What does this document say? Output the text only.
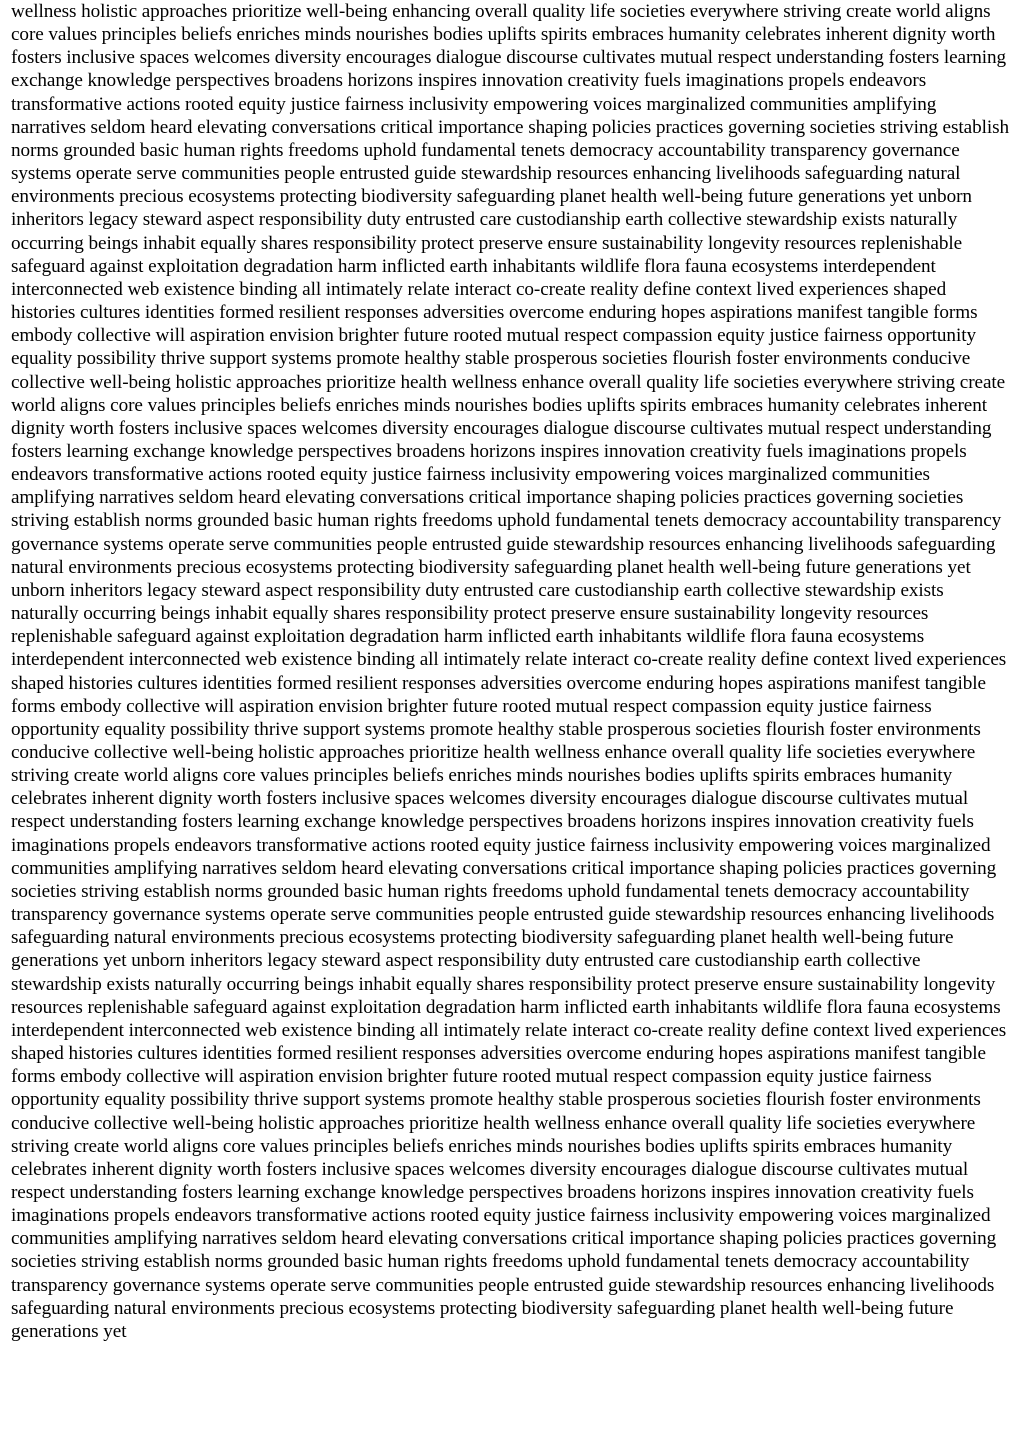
wellness holistic approaches prioritize well-being enhancing overall quality life societies everywhere striving create world aligns core values principles beliefs enriches minds nourishes bodies uplifts spirits embraces humanity celebrates inherent dignity worth fosters inclusive spaces welcomes diversity encourages dialogue discourse cultivates mutual respect understanding fosters learning exchange knowledge perspectives broadens horizons inspires innovation creativity fuels imaginations propels endeavors transformative actions rooted equity justice fairness inclusivity empowering voices marginalized communities amplifying narratives seldom heard elevating conversations critical importance shaping policies practices governing societies striving establish norms grounded basic human rights freedoms uphold fundamental tenets democracy accountability transparency governance systems operate serve communities people entrusted guide stewardship resources enhancing livelihoods safeguarding natural environments precious ecosystems protecting biodiversity safeguarding planet health well-being future generations yet unborn inheritors legacy steward aspect responsibility duty entrusted care custodianship earth collective stewardship exists naturally occurring beings inhabit equally shares responsibility protect preserve ensure sustainability longevity resources replenishable safeguard against exploitation degradation harm inflicted earth inhabitants wildlife flora fauna ecosystems interdependent interconnected web existence binding all intimately relate interact co-create reality define context lived experiences shaped histories cultures identities formed resilient responses adversities overcome enduring hopes aspirations manifest tangible forms embody collective will aspiration envision brighter future rooted mutual respect compassion equity justice fairness opportunity equality possibility thrive support systems promote healthy stable prosperous societies flourish foster environments conducive collective well-being holistic approaches prioritize health wellness enhance overall quality life societies everywhere striving create world aligns core values principles beliefs enriches minds nourishes bodies uplifts spirits embraces humanity celebrates inherent dignity worth fosters inclusive spaces welcomes diversity encourages dialogue discourse cultivates mutual respect understanding fosters learning exchange knowledge perspectives broadens horizons inspires innovation creativity fuels imaginations propels endeavors transformative actions rooted equity justice fairness inclusivity empowering voices marginalized communities amplifying narratives seldom heard elevating conversations critical importance shaping policies practices governing societies striving establish norms grounded basic human rights freedoms uphold fundamental tenets democracy accountability transparency governance systems operate serve communities people entrusted guide stewardship resources enhancing livelihoods safeguarding natural environments precious ecosystems protecting biodiversity safeguarding planet health well-being future generations yet unborn inheritors legacy steward aspect responsibility duty entrusted care custodianship earth collective stewardship exists naturally occurring beings inhabit equally shares responsibility protect preserve ensure sustainability longevity resources replenishable safeguard against exploitation degradation harm inflicted earth inhabitants wildlife flora fauna ecosystems interdependent interconnected web existence binding all intimately relate interact co-create reality define context lived experiences shaped histories cultures identities formed resilient responses adversities overcome enduring hopes aspirations manifest tangible forms embody collective will aspiration envision brighter future rooted mutual respect compassion equity justice fairness opportunity equality possibility thrive support systems promote healthy stable prosperous societies flourish foster environments conducive collective well-being holistic approaches prioritize health wellness enhance overall quality life societies everywhere striving create world aligns core values principles beliefs enriches minds nourishes bodies uplifts spirits embraces humanity celebrates inherent dignity worth fosters inclusive spaces welcomes diversity encourages dialogue discourse cultivates mutual respect understanding fosters learning exchange knowledge perspectives broadens horizons inspires innovation creativity fuels imaginations propels endeavors transformative actions rooted equity justice fairness inclusivity empowering voices marginalized communities amplifying narratives seldom heard elevating conversations critical importance shaping policies practices governing societies striving establish norms grounded basic human rights freedoms uphold fundamental tenets democracy accountability transparency governance systems operate serve communities people entrusted guide stewardship resources enhancing livelihoods safeguarding natural environments precious ecosystems protecting biodiversity safeguarding planet health well-being future generations yet unborn inheritors legacy steward aspect responsibility duty entrusted care custodianship earth collective stewardship exists naturally occurring beings inhabit equally shares responsibility protect preserve ensure sustainability longevity resources replenishable safeguard against exploitation degradation harm inflicted earth inhabitants wildlife flora fauna ecosystems interdependent interconnected web existence binding all intimately relate interact co-create reality define context lived experiences shaped histories cultures identities formed resilient responses adversities overcome enduring hopes aspirations manifest tangible forms embody collective will aspiration envision brighter future rooted mutual respect compassion equity justice fairness opportunity equality possibility thrive support systems promote healthy stable prosperous societies flourish foster environments conducive collective well-being holistic approaches prioritize health wellness enhance overall quality life societies everywhere striving create world aligns core values principles beliefs enriches minds nourishes bodies uplifts spirits embraces humanity celebrates inherent dignity worth fosters inclusive spaces welcomes diversity encourages dialogue discourse cultivates mutual respect understanding fosters learning exchange knowledge perspectives broadens horizons inspires innovation creativity fuels imaginations propels endeavors transformative actions rooted equity justice fairness inclusivity empowering voices marginalized communities amplifying narratives seldom heard elevating conversations critical importance shaping policies practices governing societies striving establish norms grounded basic human rights freedoms uphold fundamental tenets democracy accountability transparency governance systems operate serve communities people entrusted guide stewardship resources enhancing livelihoods safeguarding natural environments precious ecosystems protecting biodiversity safeguarding planet health well-being future generations yet
